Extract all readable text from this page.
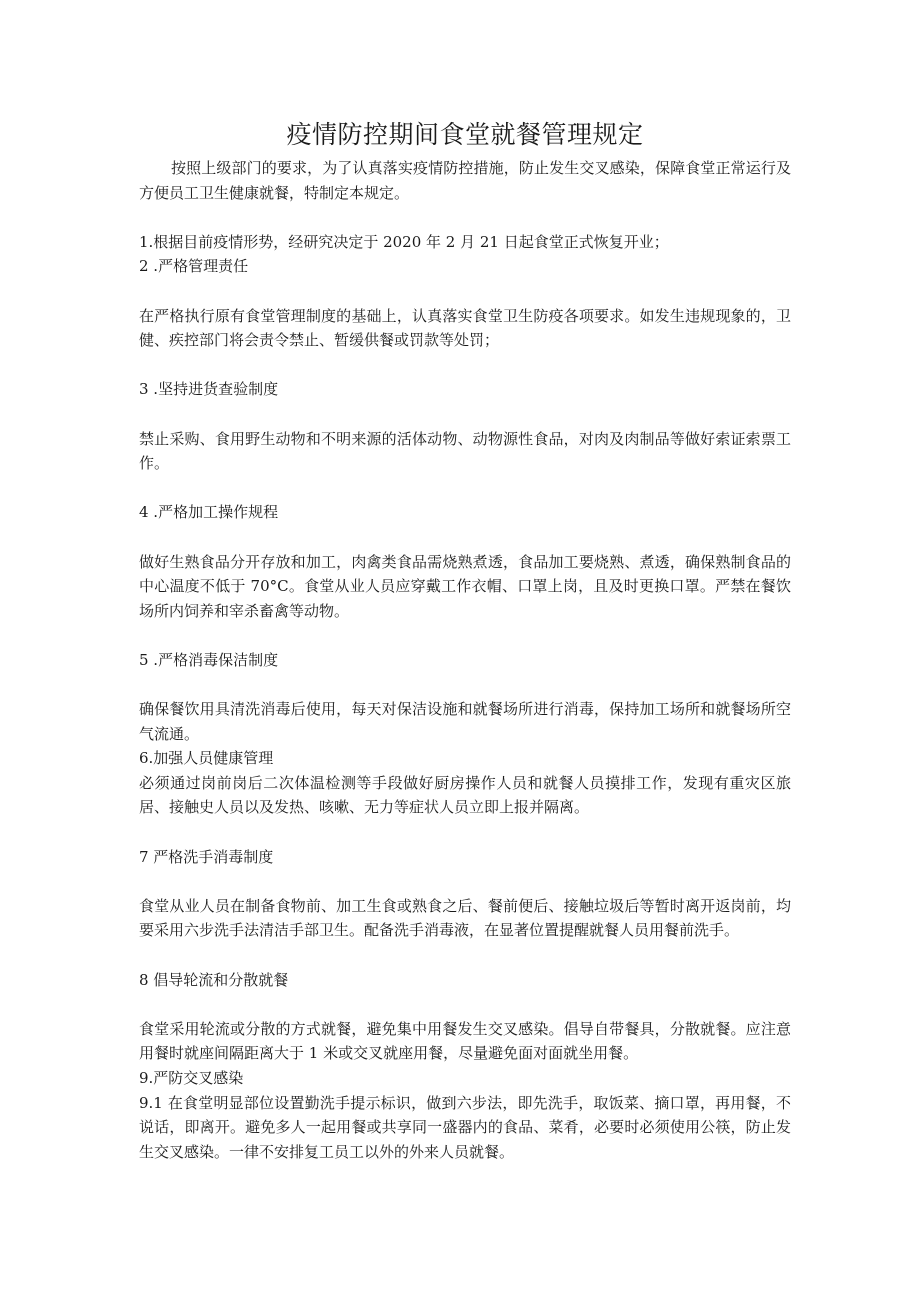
疫情防控期间食堂就餐管理规定

按照上级部门的要求，为了认真落实疫情防控措施，防止发生交叉感染，保障食堂正常运行及方便员工卫生健康就餐，特制定本规定。

1.根据目前疫情形势，经研究决定于 2020 年 2 月 21 日起食堂正式恢复开业；

2 .严格管理责任

在严格执行原有食堂管理制度的基础上，认真落实食堂卫生防疫各项要求。如发生违规现象的，卫健、疾控部门将会责令禁止、暂缓供餐或罚款等处罚；

3 .坚持进货查验制度

禁止采购、食用野生动物和不明来源的活体动物、动物源性食品，对肉及肉制品等做好索证索票工作。

4 .严格加工操作规程

做好生熟食品分开存放和加工，肉禽类食品需烧熟煮透，食品加工要烧熟、煮透，确保熟制食品的中心温度不低于 70°C。食堂从业人员应穿戴工作衣帽、口罩上岗，且及时更换口罩。严禁在餐饮场所内饲养和宰杀畜禽等动物。

5 .严格消毒保洁制度

确保餐饮用具清洗消毒后使用，每天对保洁设施和就餐场所进行消毒，保持加工场所和就餐场所空气流通。

6.加强人员健康管理

必须通过岗前岗后二次体温检测等手段做好厨房操作人员和就餐人员摸排工作，发现有重灾区旅居、接触史人员以及发热、咳嗽、无力等症状人员立即上报并隔离。

7 严格洗手消毒制度

食堂从业人员在制备食物前、加工生食或熟食之后、餐前便后、接触垃圾后等暂时离开返岗前，均要采用六步洗手法清洁手部卫生。配备洗手消毒液，在显著位置提醒就餐人员用餐前洗手。

8 倡导轮流和分散就餐

食堂采用轮流或分散的方式就餐，避免集中用餐发生交叉感染。倡导自带餐具，分散就餐。应注意用餐时就座间隔距离大于 1 米或交叉就座用餐，尽量避免面对面就坐用餐。

9.严防交叉感染

9.1 在食堂明显部位设置勤洗手提示标识，做到六步法，即先洗手，取饭菜、摘口罩，再用餐，不说话，即离开。避免多人一起用餐或共享同一盛器内的食品、菜肴，必要时必须使用公筷，防止发生交叉感染。一律不安排复工员工以外的外来人员就餐。
